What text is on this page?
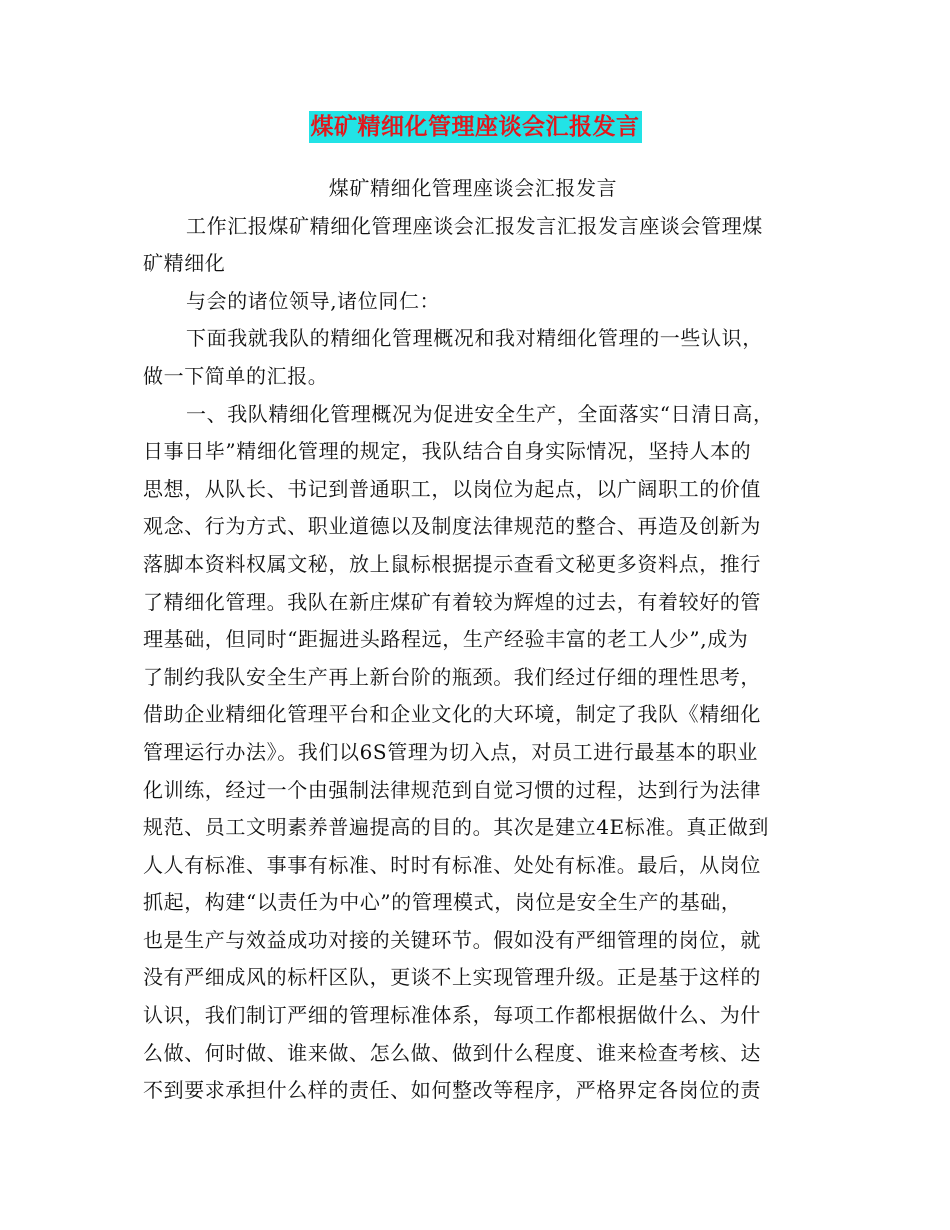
煤矿精细化管理座谈会汇报发言
煤矿精细化管理座谈会汇报发言
工作汇报煤矿精细化管理座谈会汇报发言汇报发言座谈会管理煤
矿精细化
与会的诸位领导,诸位同仁：
下面我就我队的精细化管理概况和我对精细化管理的一些认识，
做一下简单的汇报。
一、我队精细化管理概况为促进安全生产，全面落实“日清日高，
日事日毕”精细化管理的规定，我队结合自身实际情况，坚持人本的
思想，从队长、书记到普通职工，以岗位为起点，以广阔职工的价值
观念、行为方式、职业道德以及制度法律规范的整合、再造及创新为
落脚本资料权属文秘，放上鼠标根据提示查看文秘更多资料点，推行
了精细化管理。我队在新庄煤矿有着较为辉煌的过去，有着较好的管
理基础，但同时“距掘进头路程远，生产经验丰富的老工人少”,成为
了制约我队安全生产再上新台阶的瓶颈。我们经过仔细的理性思考，
借助企业精细化管理平台和企业文化的大环境，制定了我队《精细化
管理运行办法》。我们以6S管理为切入点，对员工进行最基本的职业
化训练，经过一个由强制法律规范到自觉习惯的过程，达到行为法律
规范、员工文明素养普遍提高的目的。其次是建立4E标准。真正做到
人人有标准、事事有标准、时时有标准、处处有标准。最后，从岗位
抓起，构建“以责任为中心”的管理模式，岗位是安全生产的基础，
也是生产与效益成功对接的关键环节。假如没有严细管理的岗位，就
没有严细成风的标杆区队，更谈不上实现管理升级。正是基于这样的
认识，我们制订严细的管理标准体系，每项工作都根据做什么、为什
么做、何时做、谁来做、怎么做、做到什么程度、谁来检查考核、达
不到要求承担什么样的责任、如何整改等程序，严格界定各岗位的责
